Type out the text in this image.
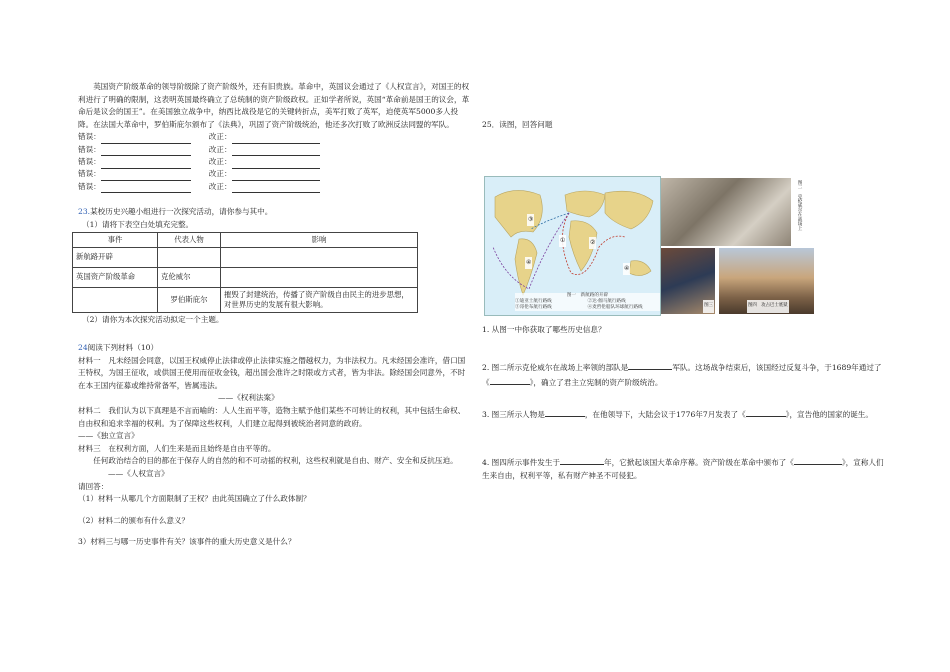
英国资产阶级革命的领导阶级除了资产阶级外，还有旧贵族。革命中，英国议会通过了《人权宣言》，对国王的权利进行了明确的限制，这表明英国最终确立了总统制的资产阶级政权。正如学者所说，英国“革命前是国王的议会，革命后是议会的国王”。在美国独立战争中，纳西比战役是它的关键转折点，美军打败了英军，迫使英军5000多人投降。在法国大革命中，罗伯斯庇尔颁布了《法典》，巩固了资产阶级统治，他还多次打败了欧洲反法同盟的军队。

错误：	改正：
错误：	改正：
错误：	改正：
错误：	改正：
错误：	改正：

23.某校历史兴趣小组进行一次探究活动，请你参与其中。

（1）请将下表空白处填充完整。

事件	代表人物	影响
新航路开辟		
英国资产阶级革命	克伦威尔	
	罗伯斯庇尔	摧毁了封建统治，传播了资产阶级自由民主的进步思想，对世界历史的发展有很大影响。

（2）请你为本次探究活动拟定一个主题。

24阅读下列材料（10）

材料一　凡未经国会同意，以国王权威停止法律或停止法律实施之僭越权力，为非法权力。凡未经国会准许，借口国王特权，为国王征收，或供国王使用而征收金钱，超出国会准许之时限或方式者，皆为非法。除经国会同意外，不时在本王国内征募或维持常备军，皆属违法。

——《权利法案》

材料二　我们认为以下真理是不言而喻的：人人生而平等，造物主赋予他们某些不可转让的权利，其中包括生命权、自由权和追求幸福的权利。为了保障这些权利，人们建立起得到被统治者同意的政府。

——《独立宣言》

材料三　在权利方面，人们生来是而且始终是自由平等的。

任何政治结合的目的都在于保存人的自然的和不可动摇的权利，这些权利就是自由、财产、安全和反抗压迫。——《人权宣言》

请回答：

（1）材料一从哪几个方面限制了王权？由此英国确立了什么政体制？

（2）材料二的颁布有什么意义？

3）材料三与哪一历史事件有关？该事件的重大历史意义是什么？

25．读图，回答问题

③
①	②
④
④
图一　新航路的开辟
①迪亚士航行路线	②达·伽马航行路线
③哥伦布航行路线	④麦哲伦船队环球航行路线
图二　克伦威尔在战场上
图三	图四　攻占巴士底狱

1. 从图一中你获取了哪些历史信息？

2. 图二所示克伦威尔在战场上率领的部队是	军队。这场战争结束后，该国经过反复斗争，于1689年通过了《	》，确立了君主立宪制的资产阶级统治。

3. 图三所示人物是	，在他领导下，大陆会议于1776年7月发表了《	》，宣告他的国家的诞生。

4. 图四所示事件发生于	年，它掀起该国大革命序幕。资产阶级在革命中颁布了《	》，宣称人们生来自由，权利平等，私有财产神圣不可侵犯。
